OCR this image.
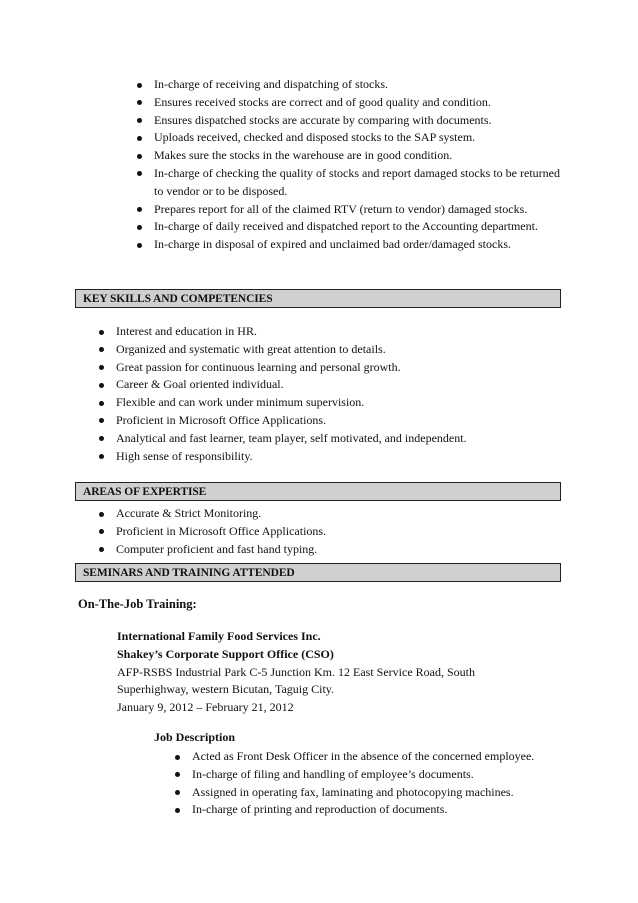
In-charge of receiving and dispatching of stocks.
Ensures received stocks are correct and of good quality and condition.
Ensures dispatched stocks are accurate by comparing with documents.
Uploads received, checked and disposed stocks to the SAP system.
Makes sure the stocks in the warehouse are in good condition.
In-charge of checking the quality of stocks and report damaged stocks to be returned to vendor or to be disposed.
Prepares report for all of the claimed RTV (return to vendor) damaged stocks.
In-charge of daily received and dispatched report to the Accounting department.
In-charge in disposal of expired and unclaimed bad order/damaged stocks.
KEY SKILLS AND COMPETENCIES
Interest and education in HR.
Organized and systematic with great attention to details.
Great passion for continuous learning and personal growth.
Career & Goal oriented individual.
Flexible and can work under minimum supervision.
Proficient in Microsoft Office Applications.
Analytical and fast learner, team player, self motivated, and independent.
High sense of responsibility.
AREAS OF EXPERTISE
Accurate & Strict Monitoring.
Proficient in Microsoft Office Applications.
Computer proficient and fast hand typing.
SEMINARS AND TRAINING ATTENDED
On-The-Job Training:
International Family Food Services Inc.
Shakey’s Corporate Support Office (CSO)
AFP-RSBS Industrial Park C-5 Junction Km. 12 East Service Road, South
Superhighway, western Bicutan, Taguig City.
January 9, 2012 – February 21, 2012
Job Description
Acted as Front Desk Officer in the absence of the concerned employee.
In-charge of filing and handling of employee’s documents.
Assigned in operating fax, laminating and photocopying machines.
In-charge of printing and reproduction of documents.
